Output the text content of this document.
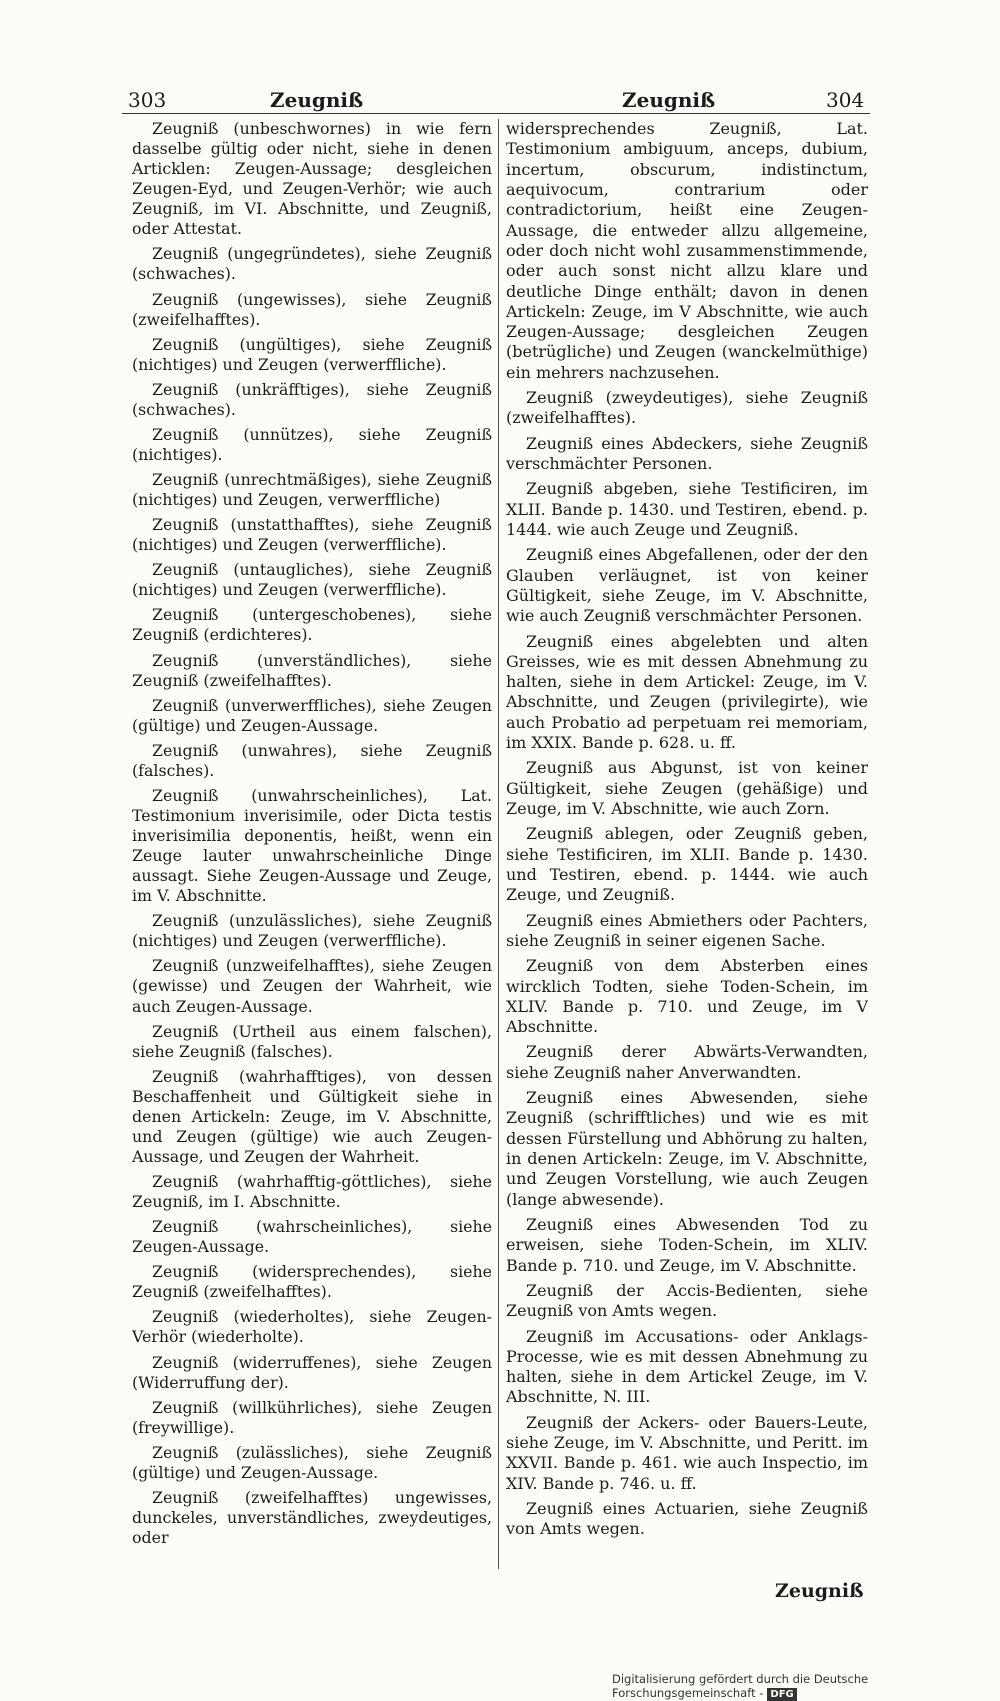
303	Zeugniß	Zeugniß	304

Zeugniß (unbeschwornes) in wie fern dasselbe gültig oder nicht, siehe in denen Articklen: Zeugen-Aussage; desgleichen Zeugen-Eyd, und Zeugen-Verhör; wie auch Zeugniß, im VI. Abschnitte, und Zeugniß, oder Attestat.

Zeugniß (ungegründetes), siehe Zeugniß (schwaches).

Zeugniß (ungewisses), siehe Zeugniß (zweifelhafftes).

Zeugniß (ungültiges), siehe Zeugniß (nichtiges) und Zeugen (verwerffliche).

Zeugniß (unkräfftiges), siehe Zeugniß (schwaches).

Zeugniß (unnützes), siehe Zeugniß (nichtiges).

Zeugniß (unrechtmäßiges), siehe Zeugniß (nichtiges) und Zeugen, verwerffliche)

Zeugniß (unstatthafftes), siehe Zeugniß (nichtiges) und Zeugen (verwerffliche).

Zeugniß (untaugliches), siehe Zeugniß (nichtiges) und Zeugen (verwerffliche).

Zeugniß (untergeschobenes), siehe Zeugniß (erdichteres).

Zeugniß (unverständliches), siehe Zeugniß (zweifelhafftes).

Zeugniß (unverwerffliches), siehe Zeugen (gültige) und Zeugen-Aussage.

Zeugniß (unwahres), siehe Zeugniß (falsches).

Zeugniß (unwahrscheinliches), Lat. Testimonium inverisimile, oder Dicta testis inverisimilia deponentis, heißt, wenn ein Zeuge lauter unwahrscheinliche Dinge aussagt. Siehe Zeugen-Aussage und Zeuge, im V. Abschnitte.

Zeugniß (unzulässliches), siehe Zeugniß (nichtiges) und Zeugen (verwerffliche).

Zeugniß (unzweifelhafftes), siehe Zeugen (gewisse) und Zeugen der Wahrheit, wie auch Zeugen-Aussage.

Zeugniß (Urtheil aus einem falschen), siehe Zeugniß (falsches).

Zeugniß (wahrhafftiges), von dessen Beschaffenheit und Gültigkeit siehe in denen Artickeln: Zeuge, im V. Abschnitte, und Zeugen (gültige) wie auch Zeugen-Aussage, und Zeugen der Wahrheit.

Zeugniß (wahrhafftig-göttliches), siehe Zeugniß, im I. Abschnitte.

Zeugniß (wahrscheinliches), siehe Zeugen-Aussage.

Zeugniß (widersprechendes), siehe Zeugniß (zweifelhafftes).

Zeugniß (wiederholtes), siehe Zeugen-Verhör (wiederholte).

Zeugniß (widerruffenes), siehe Zeugen (Widerruffung der).

Zeugniß (willkührliches), siehe Zeugen (freywillige).

Zeugniß (zulässliches), siehe Zeugniß (gültige) und Zeugen-Aussage.

Zeugniß (zweifelhafftes) ungewisses, dunckeles, unverständliches, zweydeutiges, oder

widersprechendes Zeugniß, Lat. Testimonium ambiguum, anceps, dubium, incertum, obscurum, indistinctum, aequivocum, contrarium oder contradictorium, heißt eine Zeugen-Aussage, die entweder allzu allgemeine, oder doch nicht wohl zusammenstimmende, oder auch sonst nicht allzu klare und deutliche Dinge enthält; davon in denen Artickeln: Zeuge, im V Abschnitte, wie auch Zeugen-Aussage; desgleichen Zeugen (betrügliche) und Zeugen (wanckelmüthige) ein mehrers nachzusehen.

Zeugniß (zweydeutiges), siehe Zeugniß (zweifelhafftes).

Zeugniß eines Abdeckers, siehe Zeugniß verschmächter Personen.

Zeugniß abgeben, siehe Testificiren, im XLII. Bande p. 1430. und Testiren, ebend. p. 1444. wie auch Zeuge und Zeugniß.

Zeugniß eines Abgefallenen, oder der den Glauben verläugnet, ist von keiner Gültigkeit, siehe Zeuge, im V. Abschnitte, wie auch Zeugniß verschmächter Personen.

Zeugniß eines abgelebten und alten Greisses, wie es mit dessen Abnehmung zu halten, siehe in dem Artickel: Zeuge, im V. Abschnitte, und Zeugen (privilegirte), wie auch Probatio ad perpetuam rei memoriam, im XXIX. Bande p. 628. u. ff.

Zeugniß aus Abgunst, ist von keiner Gültigkeit, siehe Zeugen (gehäßige) und Zeuge, im V. Abschnitte, wie auch Zorn.

Zeugniß ablegen, oder Zeugniß geben, siehe Testificiren, im XLII. Bande p. 1430. und Testiren, ebend. p. 1444. wie auch Zeuge, und Zeugniß.

Zeugniß eines Abmiethers oder Pachters, siehe Zeugniß in seiner eigenen Sache.

Zeugniß von dem Absterben eines wircklich Todten, siehe Toden-Schein, im XLIV. Bande p. 710. und Zeuge, im V Abschnitte.

Zeugniß derer Abwärts-Verwandten, siehe Zeugniß naher Anverwandten.

Zeugniß eines Abwesenden, siehe Zeugniß (schrifftliches) und wie es mit dessen Fürstellung und Abhörung zu halten, in denen Artickeln: Zeuge, im V. Abschnitte, und Zeugen Vorstellung, wie auch Zeugen (lange abwesende).

Zeugniß eines Abwesenden Tod zu erweisen, siehe Toden-Schein, im XLIV. Bande p. 710. und Zeuge, im V. Abschnitte.

Zeugniß der Accis-Bedienten, siehe Zeugniß von Amts wegen.

Zeugniß im Accusations- oder Anklags-Processe, wie es mit dessen Abnehmung zu halten, siehe in dem Artickel Zeuge, im V. Abschnitte, N. III.

Zeugniß der Ackers- oder Bauers-Leute, siehe Zeuge, im V. Abschnitte, und Peritt. im XXVII. Bande p. 461. wie auch Inspectio, im XIV. Bande p. 746. u. ff.

Zeugniß eines Actuarien, siehe Zeugniß von Amts wegen.

Zeugniß
Digitalisierung gefördert durch die Deutsche Forschungsgemeinschaft - DFG
